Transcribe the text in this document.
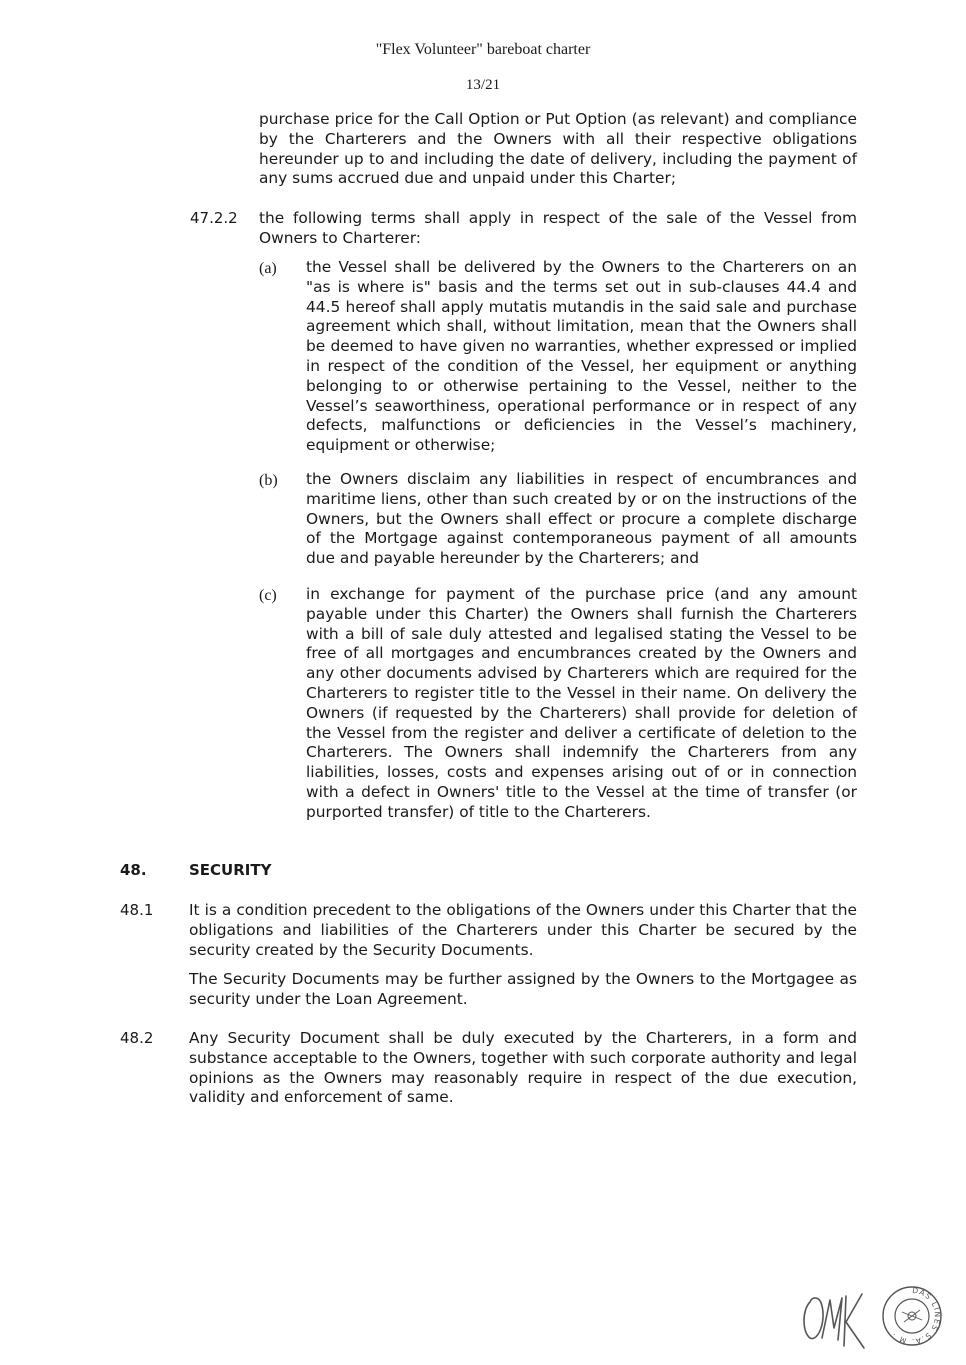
"Flex Volunteer" bareboat charter
13/21

purchase price for the Call Option or Put Option (as relevant) and compliance by the Charterers and the Owners with all their respective obligations hereunder up to and including the date of delivery, including the payment of any sums accrued due and unpaid under this Charter;

47.2.2 the following terms shall apply in respect of the sale of the Vessel from Owners to Charterer:

(a) the Vessel shall be delivered by the Owners to the Charterers on an "as is where is" basis and the terms set out in sub-clauses 44.4 and 44.5 hereof shall apply mutatis mutandis in the said sale and purchase agreement which shall, without limitation, mean that the Owners shall be deemed to have given no warranties, whether expressed or implied in respect of the condition of the Vessel, her equipment or anything belonging to or otherwise pertaining to the Vessel, neither to the Vessel’s seaworthiness, operational performance or in respect of any defects, malfunctions or deficiencies in the Vessel’s machinery, equipment or otherwise;

(b) the Owners disclaim any liabilities in respect of encumbrances and maritime liens, other than such created by or on the instructions of the Owners, but the Owners shall effect or procure a complete discharge of the Mortgage against contemporaneous payment of all amounts due and payable hereunder by the Charterers; and

(c) in exchange for payment of the purchase price (and any amount payable under this Charter) the Owners shall furnish the Charterers with a bill of sale duly attested and legalised stating the Vessel to be free of all mortgages and encumbrances created by the Owners and any other documents advised by Charterers which are required for the Charterers to register title to the Vessel in their name. On delivery the Owners (if requested by the Charterers) shall provide for deletion of the Vessel from the register and deliver a certificate of deletion to the Charterers. The Owners shall indemnify the Charterers from any liabilities, losses, costs and expenses arising out of or in connection with a defect in Owners' title to the Vessel at the time of transfer (or purported transfer) of title to the Charterers.

48.	SECURITY
48.1 It is a condition precedent to the obligations of the Owners under this Charter that the obligations and liabilities of the Charterers under this Charter be secured by the security created by the Security Documents.

The Security Documents may be further assigned by the Owners to the Mortgagee as security under the Loan Agreement.

48.2 Any Security Document shall be duly executed by the Charterers, in a form and substance acceptable to the Owners, together with such corporate authority and legal opinions as the Owners may reasonably require in respect of the due execution, validity and enforcement of same.

DAS LINES S.A. M ·
